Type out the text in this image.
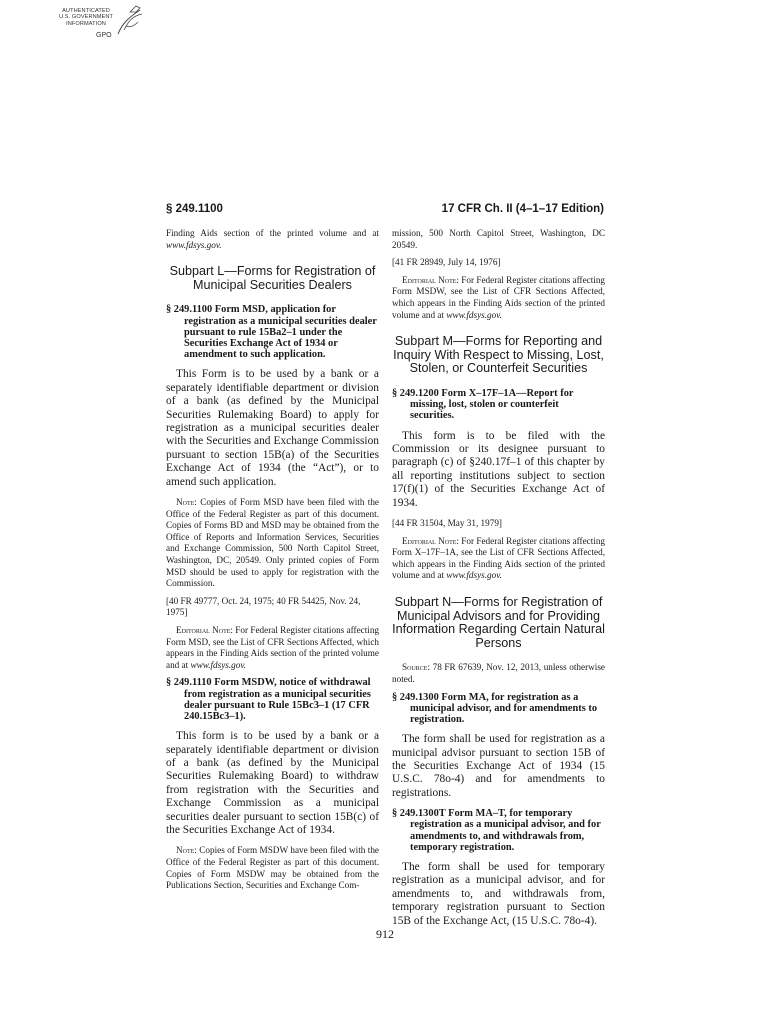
AUTHENTICATED
U.S. GOVERNMENT
INFORMATION
GPO
§ 249.1100	17 CFR Ch. II (4–1–17 Edition)

Finding Aids section of the printed volume and at www.fdsys.gov.

Subpart L—Forms for Registration of Municipal Securities Dealers

§ 249.1100 Form MSD, application for registration as a municipal securities dealer pursuant to rule 15Ba2–1 under the Securities Exchange Act of 1934 or amendment to such application.

This Form is to be used by a bank or a separately identifiable department or division of a bank (as defined by the Municipal Securities Rulemaking Board) to apply for registration as a municipal securities dealer with the Securities and Exchange Commission pursuant to section 15B(a) of the Securities Exchange Act of 1934 (the “Act”), or to amend such application.

Note: Copies of Form MSD have been filed with the Office of the Federal Register as part of this document. Copies of Forms BD and MSD may be obtained from the Office of Reports and Information Services, Securities and Exchange Commission, 500 North Capitol Street, Washington, DC, 20549. Only printed copies of Form MSD should be used to apply for registration with the Commission.

[40 FR 49777, Oct. 24, 1975; 40 FR 54425, Nov. 24, 1975]

Editorial Note: For Federal Register citations affecting Form MSD, see the List of CFR Sections Affected, which appears in the Finding Aids section of the printed volume and at www.fdsys.gov.

§ 249.1110 Form MSDW, notice of withdrawal from registration as a municipal securities dealer pursuant to Rule 15Bc3–1 (17 CFR 240.15Bc3–1).

This form is to be used by a bank or a separately identifiable department or division of a bank (as defined by the Municipal Securities Rulemaking Board) to withdraw from registration with the Securities and Exchange Commission as a municipal securities dealer pursuant to section 15B(c) of the Securities Exchange Act of 1934.

Note: Copies of Form MSDW have been filed with the Office of the Federal Register as part of this document. Copies of Form MSDW may be obtained from the Publications Section, Securities and Exchange Com-

mission, 500 North Capitol Street, Washington, DC 20549.

[41 FR 28949, July 14, 1976]

Editorial Note: For Federal Register citations affecting Form MSDW, see the List of CFR Sections Affected, which appears in the Finding Aids section of the printed volume and at www.fdsys.gov.

Subpart M—Forms for Reporting and Inquiry With Respect to Missing, Lost, Stolen, or Counterfeit Securities

§ 249.1200 Form X–17F–1A—Report for missing, lost, stolen or counterfeit securities.

This form is to be filed with the Commission or its designee pursuant to paragraph (c) of §240.17f–1 of this chapter by all reporting institutions subject to section 17(f)(1) of the Securities Exchange Act of 1934.

[44 FR 31504, May 31, 1979]

Editorial Note: For Federal Register citations affecting Form X–17F–1A, see the List of CFR Sections Affected, which appears in the Finding Aids section of the printed volume and at www.fdsys.gov.

Subpart N—Forms for Registration of Municipal Advisors and for Providing Information Regarding Certain Natural Persons

Source: 78 FR 67639, Nov. 12, 2013, unless otherwise noted.

§ 249.1300 Form MA, for registration as a municipal advisor, and for amendments to registration.

The form shall be used for registration as a municipal advisor pursuant to section 15B of the Securities Exchange Act of 1934 (15 U.S.C. 78o-4) and for amendments to registrations.

§ 249.1300T Form MA–T, for temporary registration as a municipal advisor, and for amendments to, and withdrawals from, temporary registration.

The form shall be used for temporary registration as a municipal advisor, and for amendments to, and withdrawals from, temporary registration pursuant to Section 15B of the Exchange Act, (15 U.S.C. 78o-4).

912
